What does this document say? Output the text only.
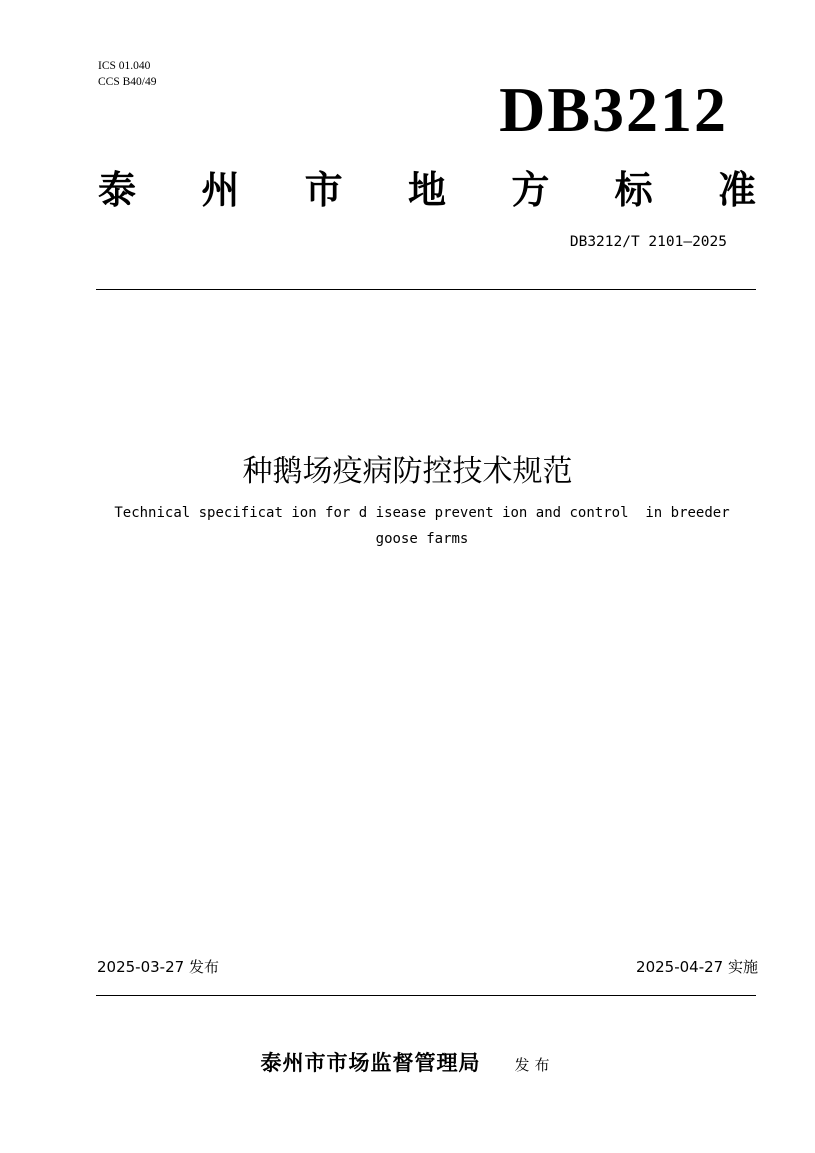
ICS 01.040
CCS B40/49	DB3212
泰 州 市 地 方 标 准
DB3212/T 2101—2025
种鹅场疫病防控技术规范
Technical specificat ion for d isease prevent ion and control  in breeder goose farms
2025-03-27 发布	2025-04-27 实施
泰州市市场监督管理局 发布
